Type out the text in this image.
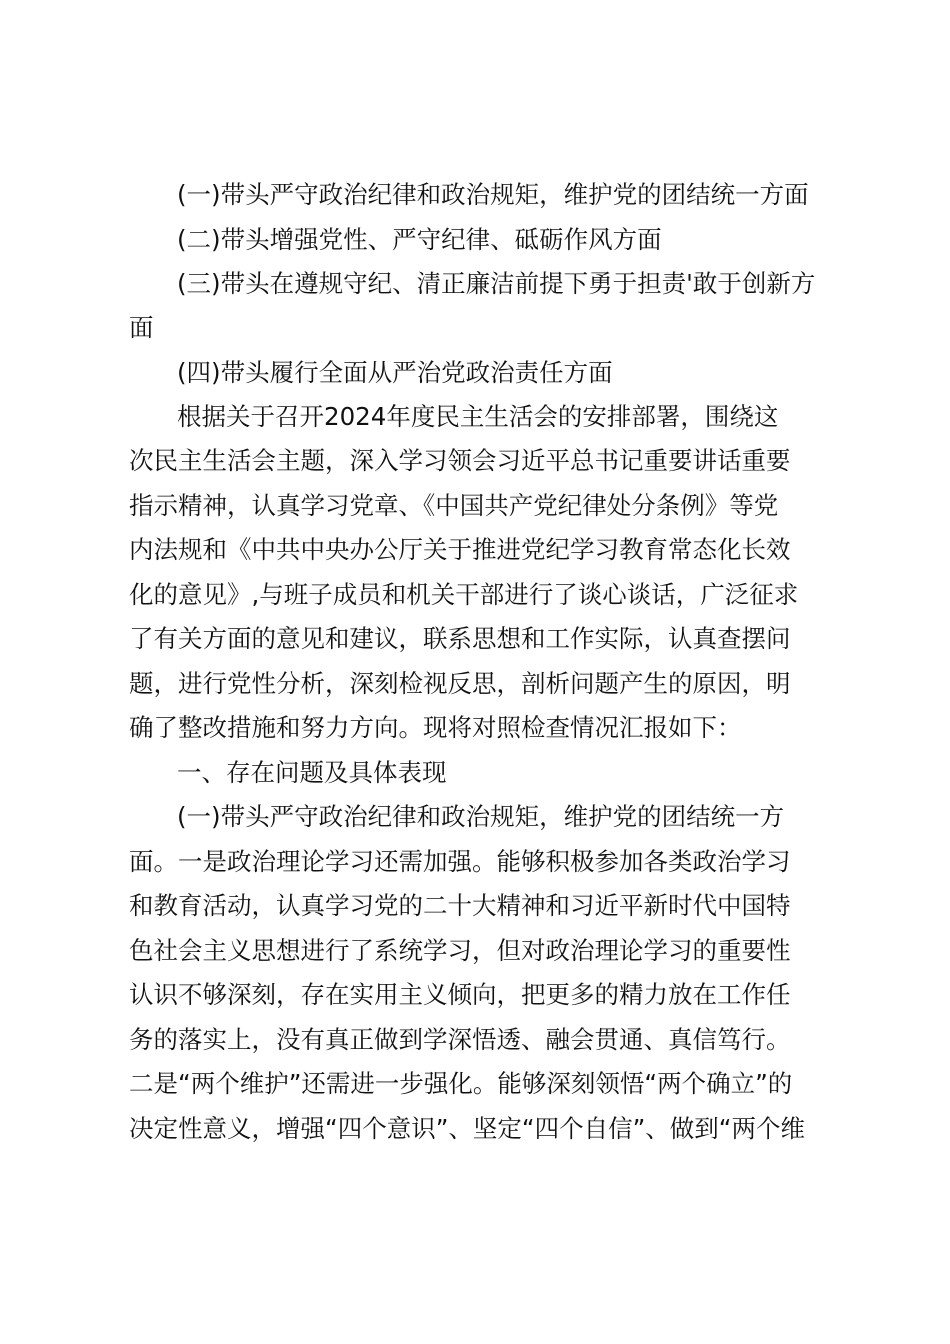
(一)带头严守政治纪律和政治规矩，维护党的团结统一方面
(二)带头增强党性、严守纪律、砥砺作风方面
(三)带头在遵规守纪、清正廉洁前提下勇于担责'敢于创新方
面
(四)带头履行全面从严治党政治责任方面
根据关于召开2024年度民主生活会的安排部署，围绕这
次民主生活会主题，深入学习领会习近平总书记重要讲话重要
指示精神，认真学习党章、《中国共产党纪律处分条例》等党
内法规和《中共中央办公厅关于推进党纪学习教育常态化长效
化的意见》,与班子成员和机关干部进行了谈心谈话，广泛征求
了有关方面的意见和建议，联系思想和工作实际，认真查摆问
题，进行党性分析，深刻检视反思，剖析问题产生的原因，明
确了整改措施和努力方向。现将对照检查情况汇报如下：
一、存在问题及具体表现
(一)带头严守政治纪律和政治规矩，维护党的团结统一方
面。一是政治理论学习还需加强。能够积极参加各类政治学习
和教育活动，认真学习党的二十大精神和习近平新时代中国特
色社会主义思想进行了系统学习，但对政治理论学习的重要性
认识不够深刻，存在实用主义倾向，把更多的精力放在工作任
务的落实上，没有真正做到学深悟透、融会贯通、真信笃行。
二是“两个维护”还需进一步强化。能够深刻领悟“两个确立”的
决定性意义，增强“四个意识”、坚定“四个自信”、做到“两个维
